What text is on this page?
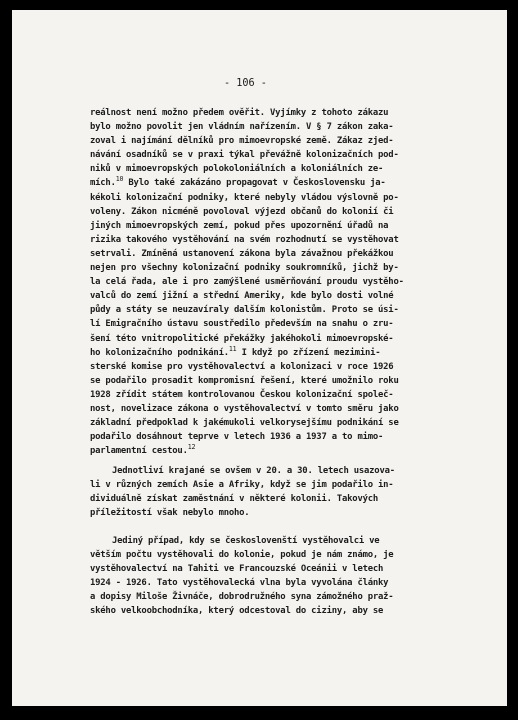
- 106 -
reálnost není možno předem ověřit. Vyjímky z tohoto zákazu
bylo možno povolit jen vládním nařízením. V § 7 zákon zaka-
zoval i najímání dělníků pro mimoevropské země. Zákaz zjed-
návání osadníků se v praxi týkal převážně kolonizačních pod-
niků v mimoevropských polokoloniálních a koloniálních ze-
mích.$^{10}$ Bylo také zakázáno propagovat v Československu ja-
kékoli kolonizační podniky, které nebyly vládou výslovně po-
voleny. Zákon nicméně povoloval výjezd občanů do kolonií či
jiných mimoevropských zemí, pokud přes upozornění úřadů na
rizika takového vystěhování na svém rozhodnutí se vystěhovat
setrvali. Zmíněná ustanovení zákona byla závažnou překážkou
nejen pro všechny kolonizační podniky soukromníků, jichž by-
la celá řada, ale i pro zamýšlené usměrňování proudu vystěho-
valců do zemí jižní a střední Ameriky, kde bylo dosti volné
půdy a státy se neuzavíraly dalším kolonistům. Proto se úsi-
lí Emigračního ústavu soustředilo především na snahu o zru-
šení této vnitropolitické překážky jakéhokoli mimoevropské-
ho kolonizačního podnikání.$^{11}$ I když po zřízení mezimini-
sterské komise pro vystěhovalectví a kolonizaci v roce 1926
se podařilo prosadit kompromisní řešení, které umožnilo roku
1928 zřídit státem kontrolovanou Českou kolonizační společ-
nost, novelizace zákona o vystěhovalectví v tomto směru jako
základní předpoklad k jakémukoli velkorysejšímu podnikání se
podařilo dosáhnout teprve v letech 1936 a 1937 a to mimo-
parlamentní cestou.$^{12}$
Jednotliví krajané se ovšem v 20. a 30. letech usazova-
li v různých zemích Asie a Afriky, když se jim podařilo in-
dividuálně získat zaměstnání v některé kolonii. Takových
příležitostí však nebylo mnoho.
Jediný případ, kdy se českoslovenští vystěhovalci ve
větším počtu vystěhovali do kolonie, pokud je nám známo, je
vystěhovalectví na Tahiti ve Francouzské Oceánii v letech
1924 - 1926. Tato vystěhovalecká vlna byla vyvolána články
a dopisy Miloše Živnáče, dobrodružného syna zámožného praž-
ského velkoobchodníka, který odcestoval do ciziny, aby se
